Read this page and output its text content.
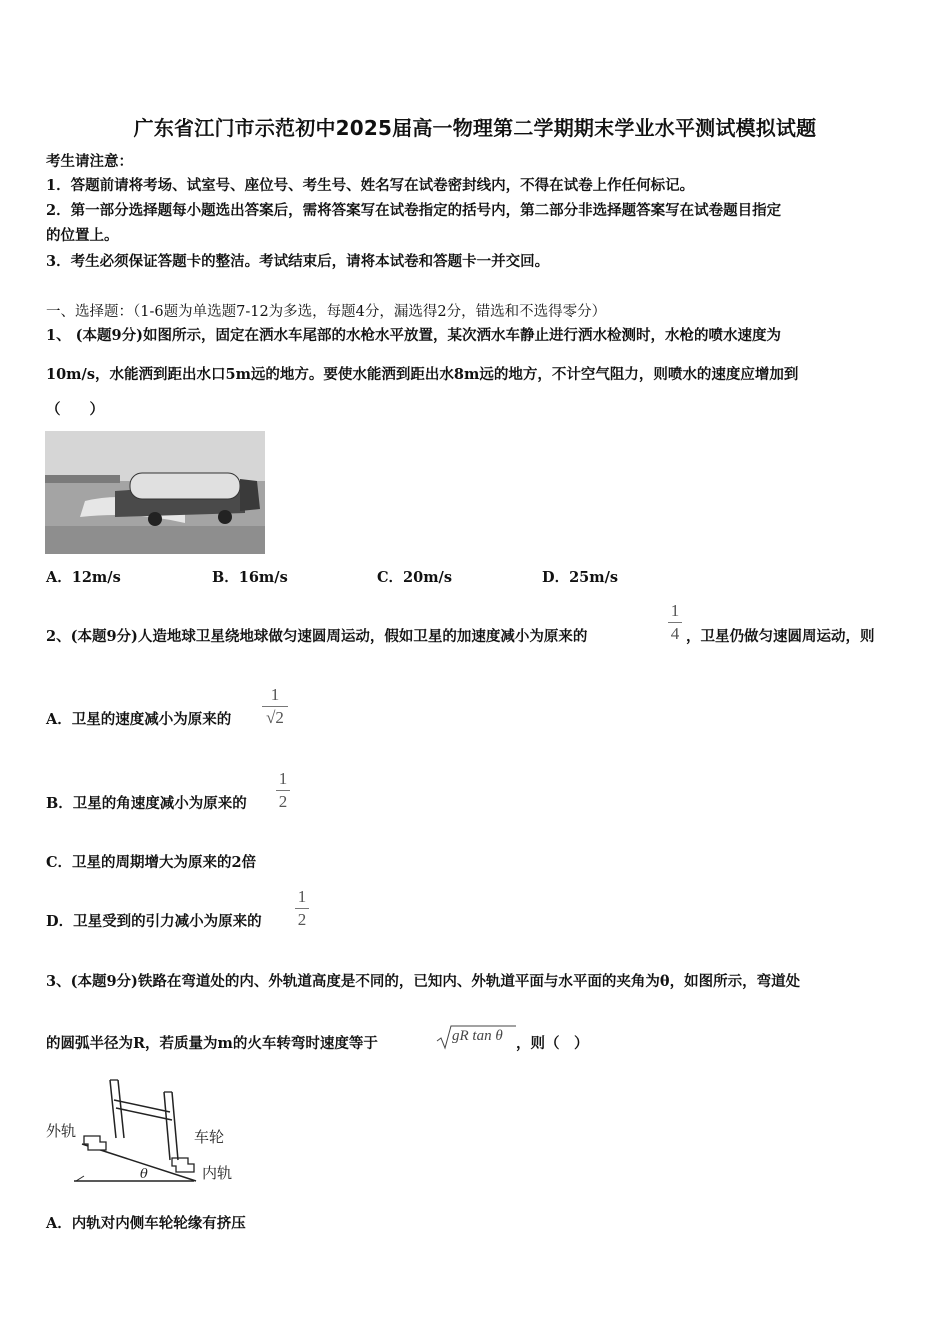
广东省江门市示范初中2025届高一物理第二学期期末学业水平测试模拟试题
考生请注意：
1．答题前请将考场、试室号、座位号、考生号、姓名写在试卷密封线内，不得在试卷上作任何标记。
2．第一部分选择题每小题选出答案后，需将答案写在试卷指定的括号内，第二部分非选择题答案写在试卷题目指定
的位置上。
3．考生必须保证答题卡的整洁。考试结束后，请将本试卷和答题卡一并交回。
一、选择题：（1-6题为单选题7-12为多选，每题4分，漏选得2分，错选和不选得零分）
1、 (本题9分)如图所示，固定在洒水车尾部的水枪水平放置，某次洒水车静止进行洒水检测时，水枪的喷水速度为
10m/s，水能洒到距出水口5m远的地方。要使水能洒到距出水8m远的地方，不计空气阻力，则喷水的速度应增加到
（　　）
A．12m/s	B．16m/s	C．20m/s	D．25m/s
2、(本题9分)人造地球卫星绕地球做匀速圆周运动，假如卫星的加速度减小为原来的
1
4 ，卫星仍做匀速圆周运动，则
A．卫星的速度减小为原来的
1
√2
B．卫星的角速度减小为原来的
1
2
C．卫星的周期增大为原来的2倍
D．卫星受到的引力减小为原来的
1
2
3、(本题9分)铁路在弯道处的内、外轨道高度是不同的，已知内、外轨道平面与水平面的夹角为θ，如图所示，弯道处
的圆弧半径为R，若质量为m的火车转弯时速度等于	gR tan θ ，则（　）
外轨	车轮
内轨
θ
A．内轨对内侧车轮轮缘有挤压
